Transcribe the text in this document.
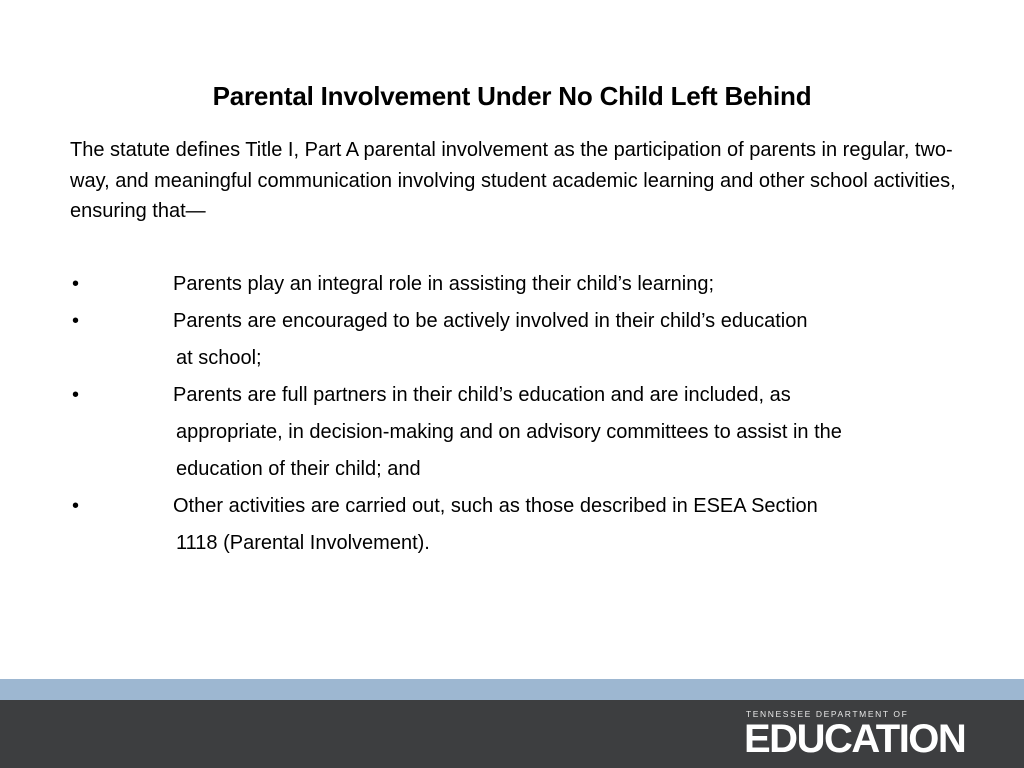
Parental Involvement Under No Child Left Behind

The statute defines Title I, Part A parental involvement as the participation of parents in regular, two-way, and meaningful communication involving student academic learning and other school activities, ensuring that—

•	Parents play an integral role in assisting their child’s learning;
•	Parents are encouraged to be actively involved in their child’s education
at school;
•	Parents are full partners in their child’s education and are included, as
appropriate, in decision-making and on advisory committees to assist in the
education of their child; and
•	Other activities are carried out, such as those described in ESEA Section
1118 (Parental Involvement).
TENNESSEE DEPARTMENT OF
EDUCATION
